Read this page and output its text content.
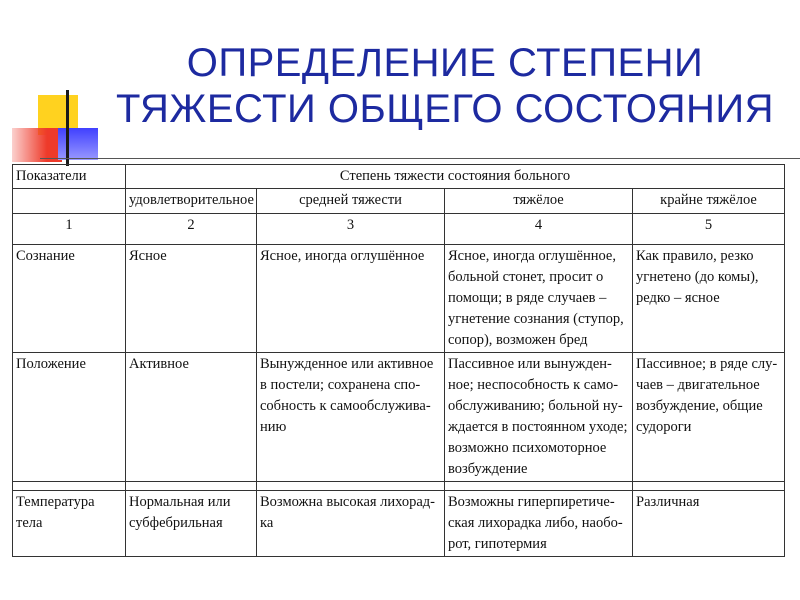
ОПРЕДЕЛЕНИЕ СТЕПЕНИ ТЯЖЕСТИ ОБЩЕГО СОСТОЯНИЯ
Показатели	Степень тяжести состояния больного			
	удовлетворительное	средней тяжести	тяжёлое	крайне тяжёлое
1	2	3	4	5
Сознание	Ясное	Ясное, иногда оглушённое	Ясное, иногда оглушённое, больной стонет, просит о помощи; в ряде случаев – угнетение сознания (ступор, сопор), возможен бред	Как правило, резко угнетено (до комы), редко – ясное
Положение	Активное	Вынужденное или активное в постели; сохранена спо-собность к самообслужива-нию	Пассивное или вынужден-ное; неспособность к само-обслуживанию; больной ну-ждается в постоянном уходе; возможно психомоторное возбуждение	Пассивное; в ряде слу-чаев – двигательное возбуждение, общие судороги

Температура тела	Нормальная или субфебрильная	Возможна высокая лихорад-ка	Возможны гиперпиретиче-ская лихорадка либо, наобо-рот, гипотермия	Различная
